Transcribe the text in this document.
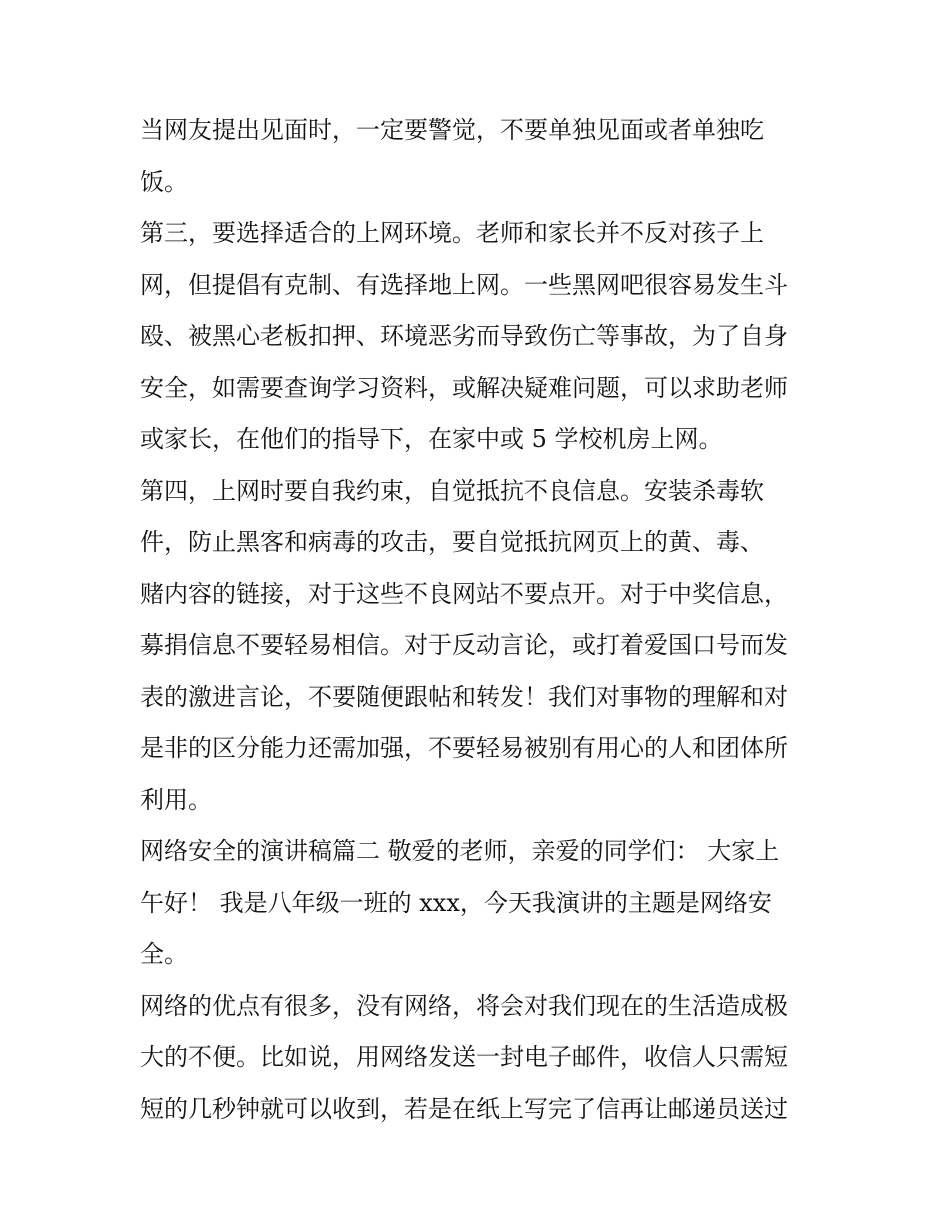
当网友提出见面时，一定要警觉，不要单独见面或者单独吃
饭。
第三，要选择适合的上网环境。老师和家长并不反对孩子上
网，但提倡有克制、有选择地上网。一些黑网吧很容易发生斗
殴、被黑心老板扣押、环境恶劣而导致伤亡等事故，为了自身
安全，如需要查询学习资料，或解决疑难问题，可以求助老师
或家长，在他们的指导下，在家中或 5 学校机房上网。
第四，上网时要自我约束，自觉抵抗不良信息。安装杀毒软
件，防止黑客和病毒的攻击，要自觉抵抗网页上的黄、毒、
赌内容的链接，对于这些不良网站不要点开。对于中奖信息，
募捐信息不要轻易相信。对于反动言论，或打着爱国口号而发
表的激进言论，不要随便跟帖和转发！我们对事物的理解和对
是非的区分能力还需加强，不要轻易被别有用心的人和团体所
利用。
网络安全的演讲稿篇二 敬爱的老师，亲爱的同学们： 大家上
午好！ 我是八年级一班的 xxx，今天我演讲的主题是网络安
全。
网络的优点有很多，没有网络，将会对我们现在的生活造成极
大的不便。比如说，用网络发送一封电子邮件，收信人只需短
短的几秒钟就可以收到，若是在纸上写完了信再让邮递员送过
